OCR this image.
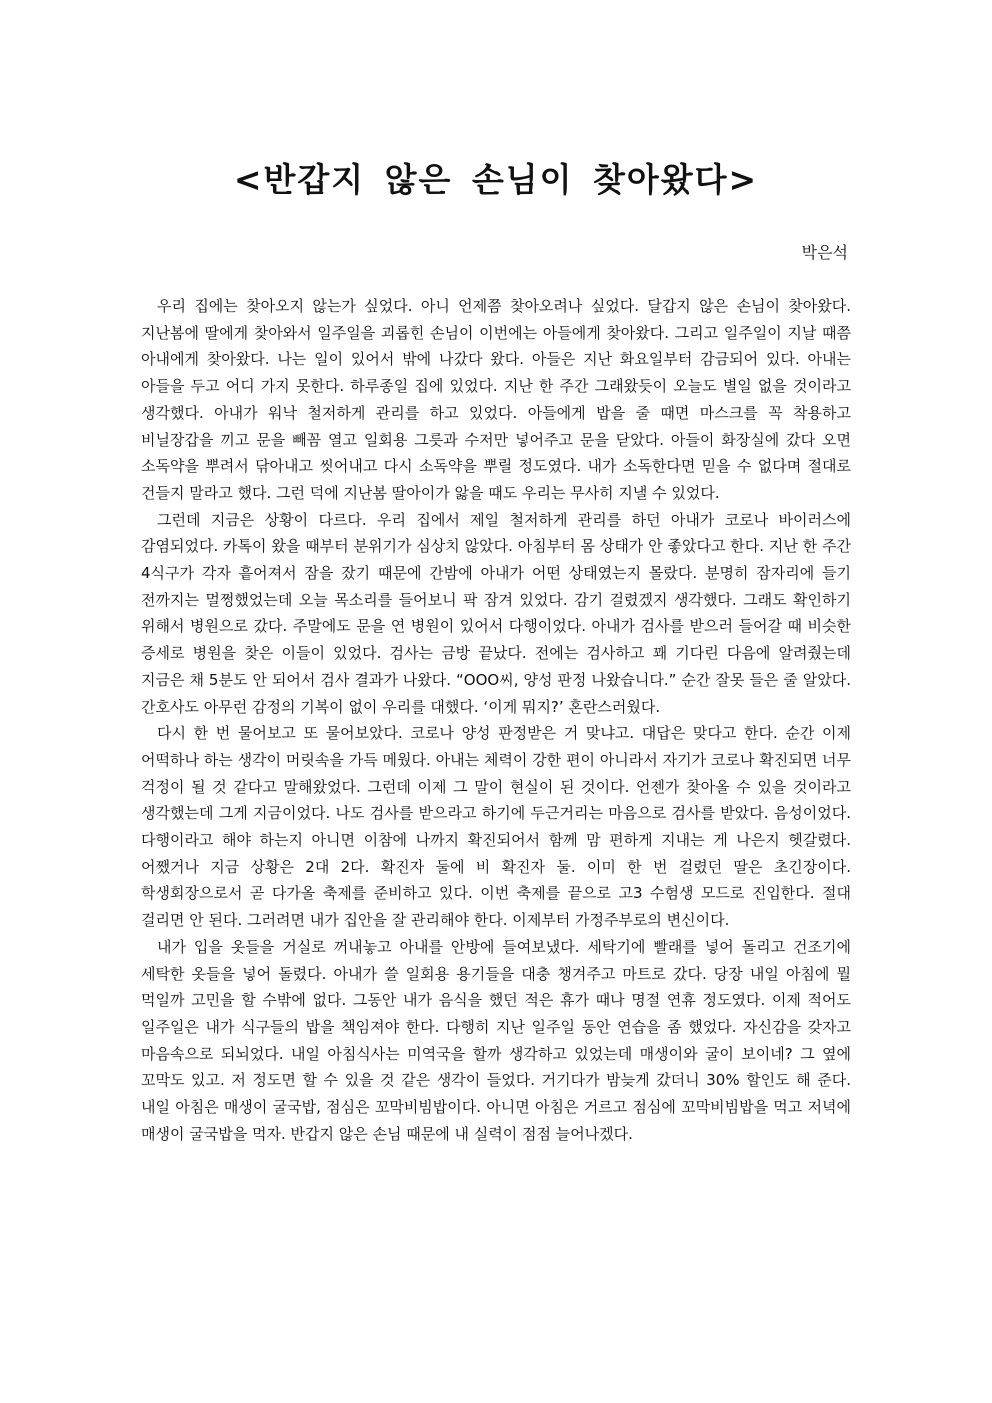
<반갑지 않은 손님이 찾아왔다>
박은석

우리 집에는 찾아오지 않는가 싶었다. 아니 언제쯤 찾아오려나 싶었다. 달갑지 않은 손님이 찾아왔다. 지난봄에 딸에게 찾아와서 일주일을 괴롭힌 손님이 이번에는 아들에게 찾아왔다. 그리고 일주일이 지날 때쯤 아내에게 찾아왔다. 나는 일이 있어서 밖에 나갔다 왔다. 아들은 지난 화요일부터 감금되어 있다. 아내는 아들을 두고 어디 가지 못한다. 하루종일 집에 있었다. 지난 한 주간 그래왔듯이 오늘도 별일 없을 것이라고 생각했다. 아내가 워낙 철저하게 관리를 하고 있었다. 아들에게 밥을 줄 때면 마스크를 꼭 착용하고 비닐장갑을 끼고 문을 빼꼼 열고 일회용 그릇과 수저만 넣어주고 문을 닫았다. 아들이 화장실에 갔다 오면 소독약을 뿌려서 닦아내고 씻어내고 다시 소독약을 뿌릴 정도였다. 내가 소독한다면 믿을 수 없다며 절대로 건들지 말라고 했다. 그런 덕에 지난봄 딸아이가 앓을 때도 우리는 무사히 지낼 수 있었다.

그런데 지금은 상황이 다르다. 우리 집에서 제일 철저하게 관리를 하던 아내가 코로나 바이러스에 감염되었다. 카톡이 왔을 때부터 분위기가 심상치 않았다. 아침부터 몸 상태가 안 좋았다고 한다. 지난 한 주간 4식구가 각자 흩어져서 잠을 잤기 때문에 간밤에 아내가 어떤 상태였는지 몰랐다. 분명히 잠자리에 들기 전까지는 멀쩡했었는데 오늘 목소리를 들어보니 팍 잠겨 있었다. 감기 걸렸겠지 생각했다. 그래도 확인하기 위해서 병원으로 갔다. 주말에도 문을 연 병원이 있어서 다행이었다. 아내가 검사를 받으러 들어갈 때 비슷한 증세로 병원을 찾은 이들이 있었다. 검사는 금방 끝났다. 전에는 검사하고 꽤 기다린 다음에 알려줬는데 지금은 채 5분도 안 되어서 검사 결과가 나왔다. “OOO씨, 양성 판정 나왔습니다.” 순간 잘못 들은 줄 알았다. 간호사도 아무런 감정의 기복이 없이 우리를 대했다. ‘이게 뭐지?’ 혼란스러웠다.

다시 한 번 물어보고 또 물어보았다. 코로나 양성 판정받은 거 맞냐고. 대답은 맞다고 한다. 순간 이제 어떡하나 하는 생각이 머릿속을 가득 메웠다. 아내는 체력이 강한 편이 아니라서 자기가 코로나 확진되면 너무 걱정이 될 것 같다고 말해왔었다. 그런데 이제 그 말이 현실이 된 것이다. 언젠가 찾아올 수 있을 것이라고 생각했는데 그게 지금이었다. 나도 검사를 받으라고 하기에 두근거리는 마음으로 검사를 받았다. 음성이었다. 다행이라고 해야 하는지 아니면 이참에 나까지 확진되어서 함께 맘 편하게 지내는 게 나은지 헷갈렸다. 어쨌거나 지금 상황은 2대 2다. 확진자 둘에 비 확진자 둘. 이미 한 번 걸렸던 딸은 초긴장이다. 학생회장으로서 곧 다가올 축제를 준비하고 있다. 이번 축제를 끝으로 고3 수험생 모드로 진입한다. 절대 걸리면 안 된다. 그러려면 내가 집안을 잘 관리해야 한다. 이제부터 가정주부로의 변신이다.

내가 입을 옷들을 거실로 꺼내놓고 아내를 안방에 들여보냈다. 세탁기에 빨래를 넣어 돌리고 건조기에 세탁한 옷들을 넣어 돌렸다. 아내가 쓸 일회용 용기들을 대충 챙겨주고 마트로 갔다. 당장 내일 아침에 뭘 먹일까 고민을 할 수밖에 없다. 그동안 내가 음식을 했던 적은 휴가 때나 명절 연휴 정도였다. 이제 적어도 일주일은 내가 식구들의 밥을 책임져야 한다. 다행히 지난 일주일 동안 연습을 좀 했었다. 자신감을 갖자고 마음속으로 되뇌었다. 내일 아침식사는 미역국을 할까 생각하고 있었는데 매생이와 굴이 보이네? 그 옆에 꼬막도 있고. 저 정도면 할 수 있을 것 같은 생각이 들었다. 거기다가 밤늦게 갔더니 30% 할인도 해 준다. 내일 아침은 매생이 굴국밥, 점심은 꼬막비빔밥이다. 아니면 아침은 거르고 점심에 꼬막비빔밥을 먹고 저녁에 매생이 굴국밥을 먹자. 반갑지 않은 손님 때문에 내 실력이 점점 늘어나겠다.
